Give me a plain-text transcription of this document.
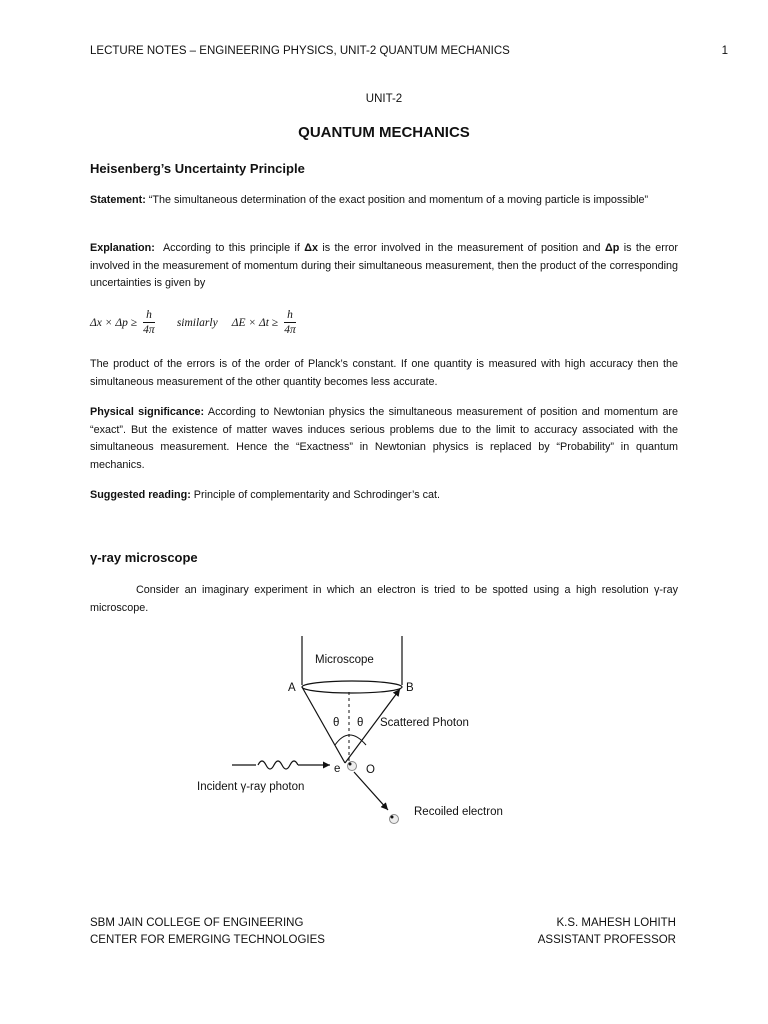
LECTURE NOTES – ENGINEERING PHYSICS, UNIT-2 QUANTUM MECHANICS	1
UNIT-2
QUANTUM MECHANICS
Heisenberg’s Uncertainty Principle
Statement: “The simultaneous determination of the exact position and momentum of a moving particle is impossible”
Explanation: According to this principle if Δx is the error involved in the measurement of position and Δp is the error involved in the measurement of momentum during their simultaneous measurement, then the product of the corresponding uncertainties is given by
$\Delta x \times \Delta p \ge \frac{h}{4\pi}$ similarly $\Delta E \times \Delta t \ge \frac{h}{4\pi}$
The product of the errors is of the order of Planck’s constant. If one quantity is measured with high accuracy then the simultaneous measurement of the other quantity becomes less accurate.
Physical significance: According to Newtonian physics the simultaneous measurement of position and momentum are “exact”. But the existence of matter waves induces serious problems due to the limit to accuracy associated with the simultaneous measurement. Hence the “Exactness” in Newtonian physics is replaced by “Probability” in quantum mechanics.
Suggested reading: Principle of complementarity and Schrodinger’s cat.
γ-ray microscope
Consider an imaginary experiment in which an electron is tried to be spotted using a high resolution γ-ray microscope.
Microscope
A	B
θ θ Scattered Photon
e O
Incident γ-ray photon
Recoiled electron
SBM JAIN COLLEGE OF ENGINEERING
CENTER FOR EMERGING TECHNOLOGIES
K.S. MAHESH LOHITH
ASSISTANT PROFESSOR
